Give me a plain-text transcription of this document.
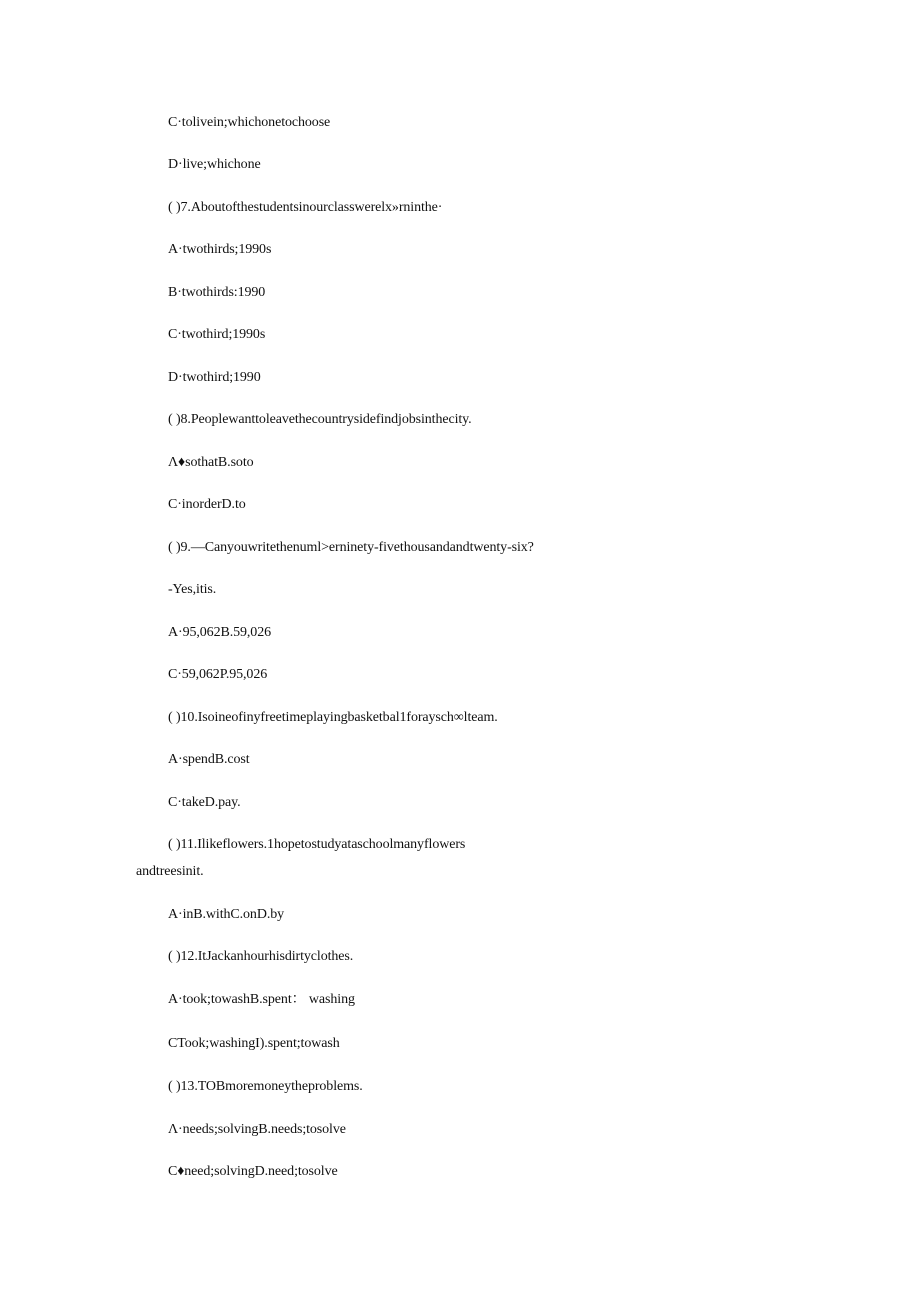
C·tolivein;whichonetochoose
D·live;whichone
( )7.Aboutofthestudentsinourclasswerelx»rninthe·
A·twothirds;1990s
B·twothirds:1990
C·twothird;1990s
D·twothird;1990
( )8.Peoplewanttoleavethecountrysidefindjobsinthecity.
Λ♦sothatB.soto
C·inorderD.to
( )9.—Canyouwritethenuml>erninety-fivethousandandtwenty-six?
-Yes,itis.
A·95,062B.59,026
C·59,062P.95,026
( )10.Isoineofinyfreetimeplayingbasketbal1foraysch∞lteam.
A·spendB.cost
C·takeD.pay.
( )11.Ilikeflowers.1hopetostudyataschoolmanyflowers
andtreesinit.
A·inB.withC.onD.by
( )12.ItJackanhourhisdirtyclothes.
A·took;towashB.spent： washing
CTook;washingI).spent;towash
( )13.TOBmoremoneytheproblems.
Λ·needs;solvingB.needs;tosolve
C♦need;solvingD.need;tosolve
